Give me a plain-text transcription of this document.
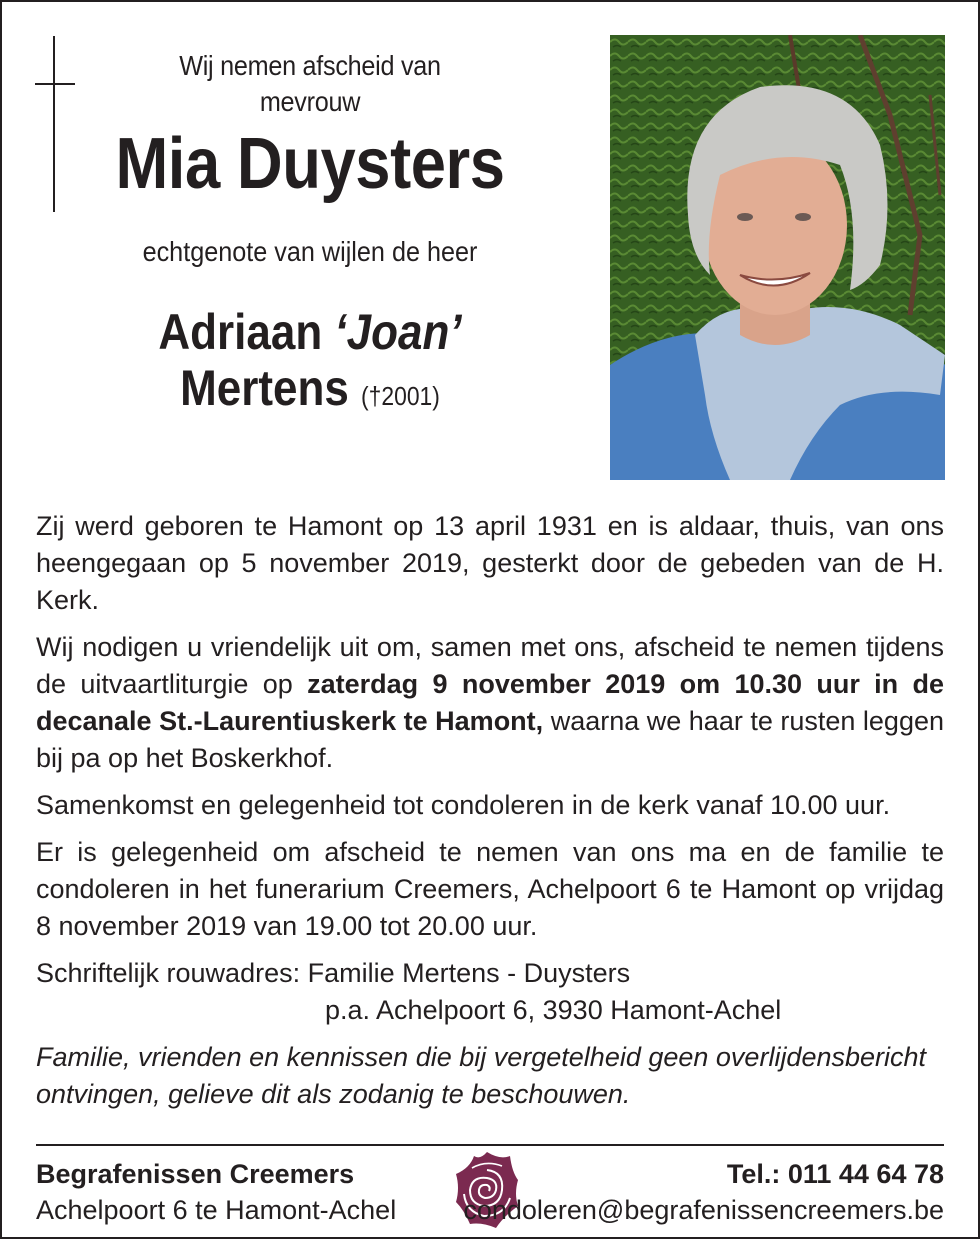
Wij nemen afscheid van
mevrouw
Mia Duysters
echtgenote van wijlen de heer
Adriaan ‘Joan’
Mertens (†2001)

Zij werd geboren te Hamont op 13 april 1931 en is aldaar, thuis, van ons heengegaan op 5 november 2019, gesterkt door de gebeden van de H. Kerk.

Wij nodigen u vriendelijk uit om, samen met ons, afscheid te nemen tijdens de uitvaartliturgie op zaterdag 9 november 2019 om 10.30 uur in de decanale St.-Laurentiuskerk te Hamont, waarna we haar te rusten leggen bij pa op het Boskerkhof.

Samenkomst en gelegenheid tot condoleren in de kerk vanaf 10.00 uur.

Er is gelegenheid om afscheid te nemen van ons ma en de familie te condoleren in het funerarium Creemers, Achelpoort 6 te Hamont op vrijdag 8 november 2019 van 19.00 tot 20.00 uur.

Schriftelijk rouwadres: Familie Mertens - Duysters

p.a. Achelpoort 6, 3930 Hamont-Achel

Familie, vrienden en kennissen die bij vergetelheid geen overlijdensbericht ontvingen, gelieve dit als zodanig te beschouwen.

Begrafenissen Creemers
Achelpoort 6 te Hamont-Achel
Tel.: 011 44 64 78
condoleren@begrafenissencreemers.be
